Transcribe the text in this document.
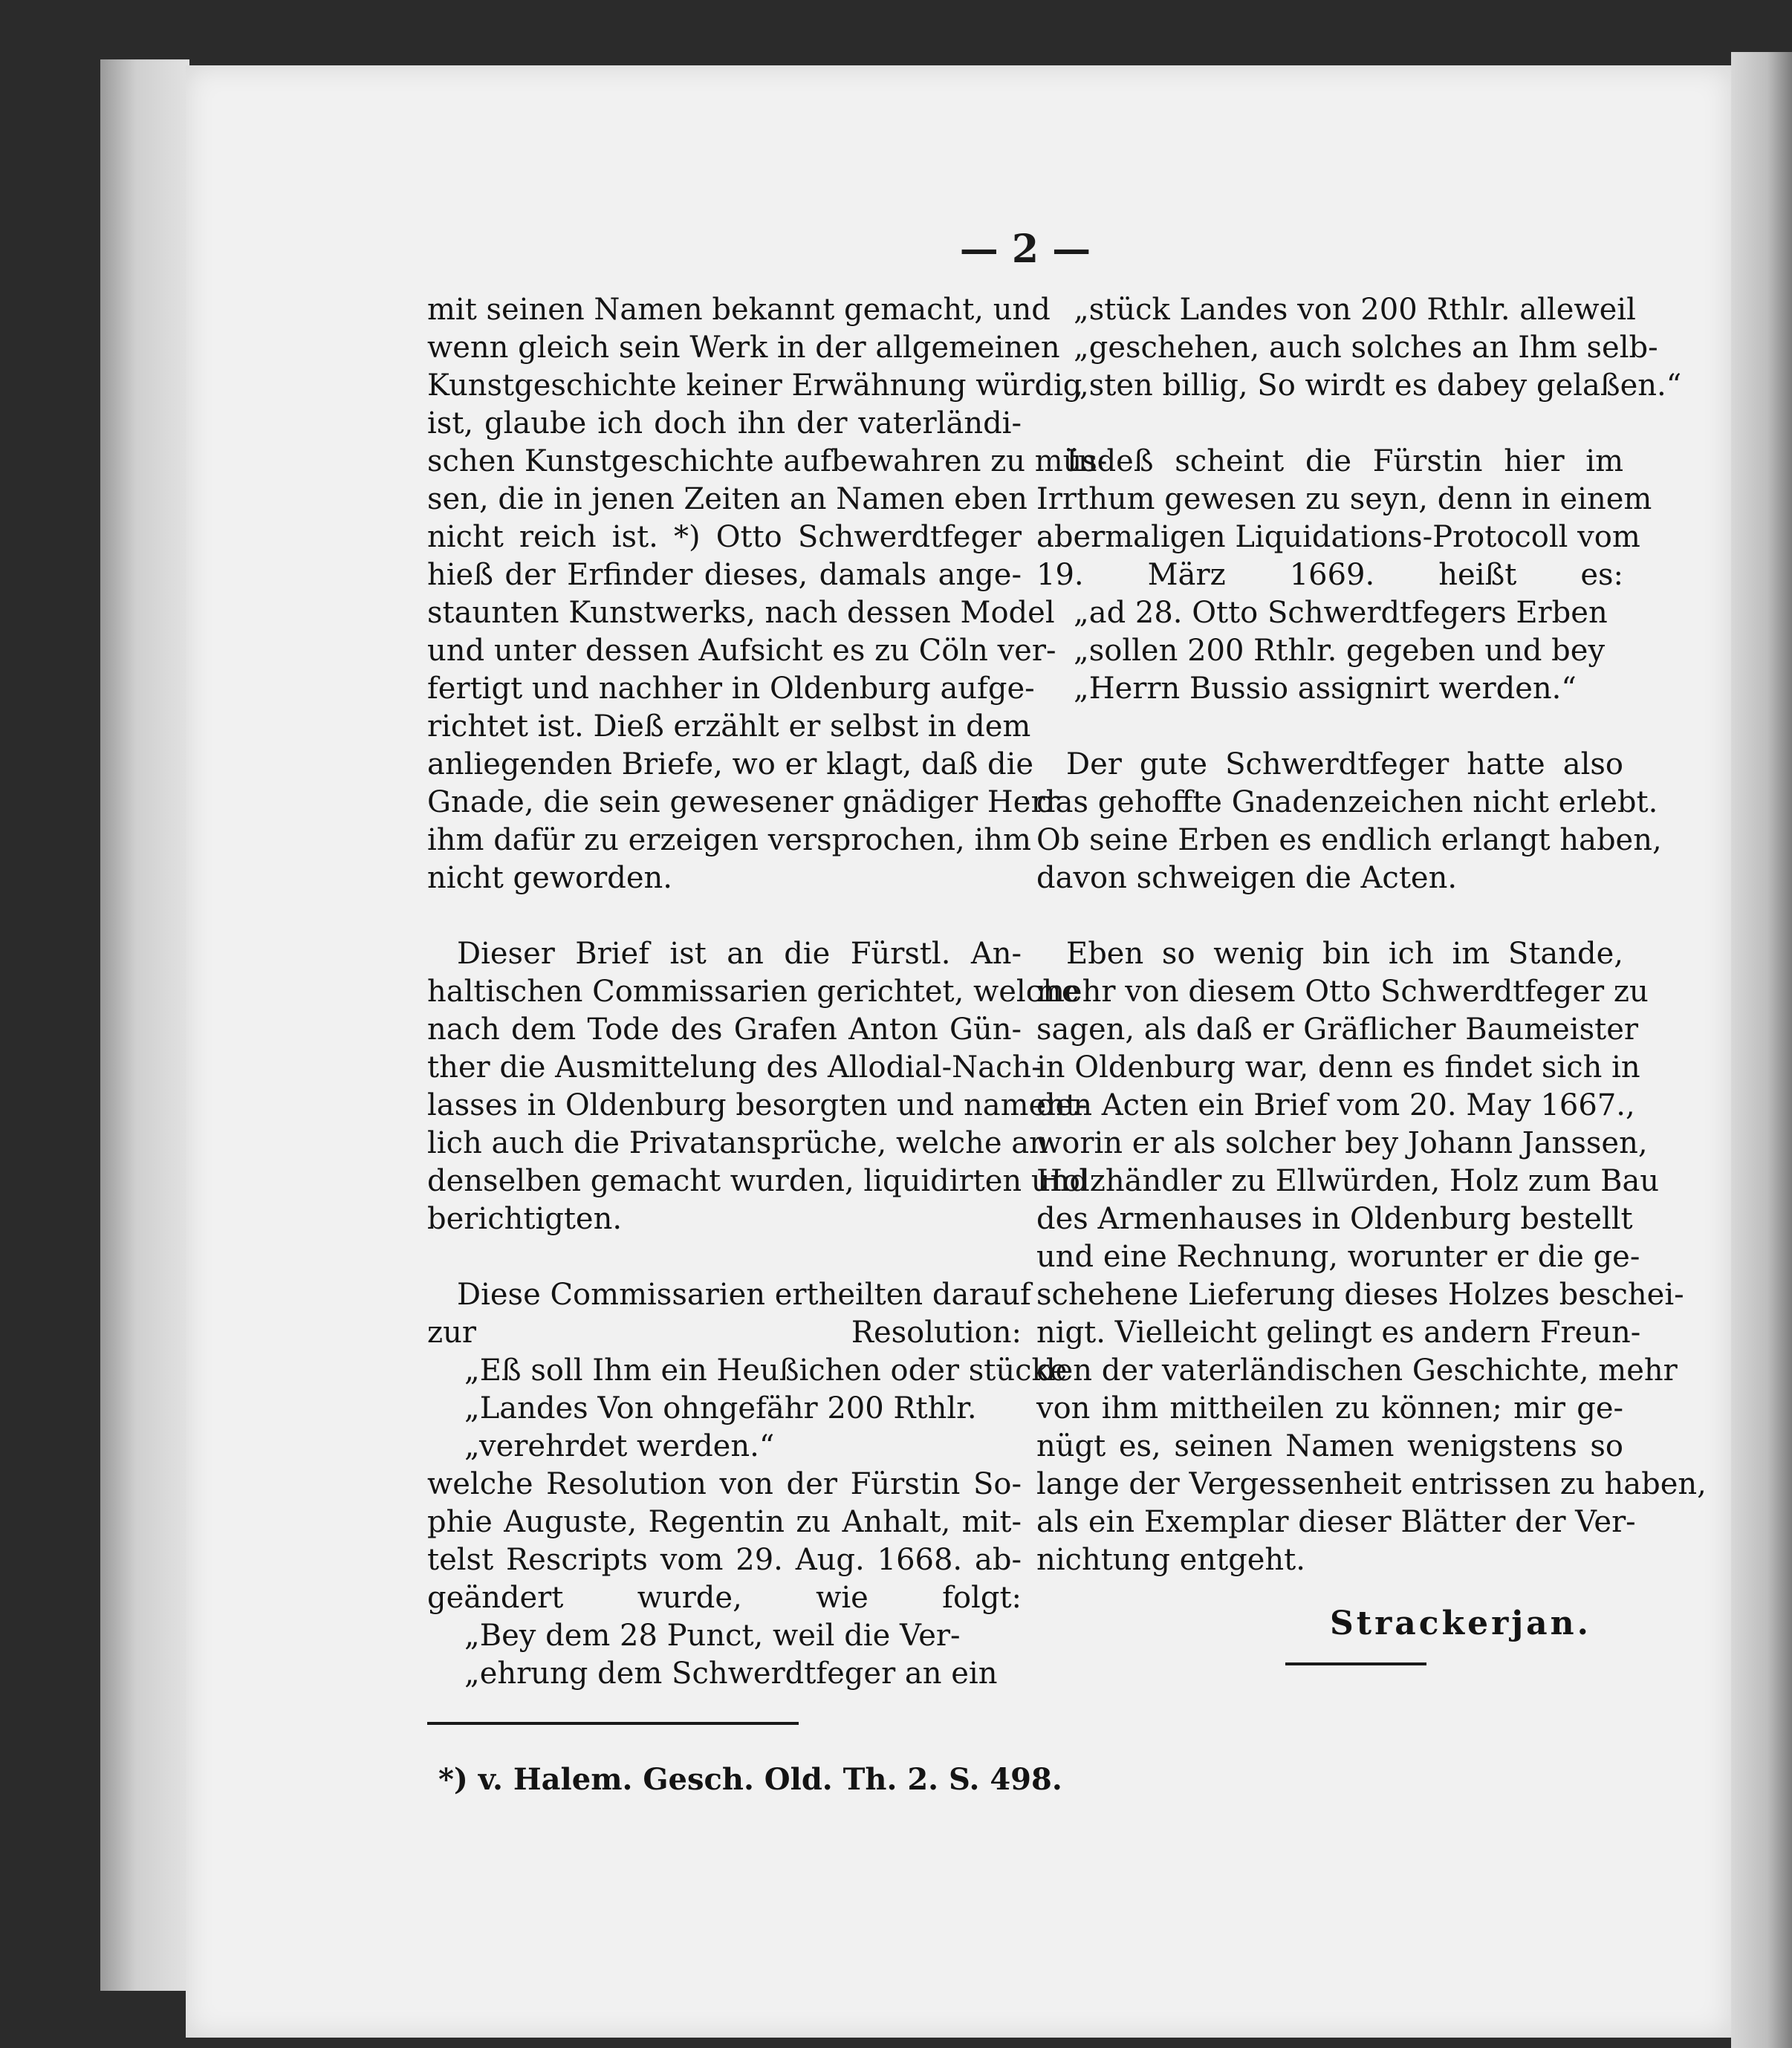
— 2 —
mit seinen Namen bekannt gemacht, und
wenn gleich sein Werk in der allgemeinen
Kunstgeschichte keiner Erwähnung würdig
ist, glaube ich doch ihn der vaterländi-
schen Kunstgeschichte aufbewahren zu müs-
sen, die in jenen Zeiten an Namen eben
nicht reich ist. *) Otto Schwerdtfeger
hieß der Erfinder dieses, damals ange-
staunten Kunstwerks, nach dessen Model
und unter dessen Aufsicht es zu Cöln ver-
fertigt und nachher in Oldenburg aufge-
richtet ist. Dieß erzählt er selbst in dem
anliegenden Briefe, wo er klagt, daß die
Gnade, die sein gewesener gnädiger Herr
ihm dafür zu erzeigen versprochen, ihm
nicht geworden.
Dieser Brief ist an die Fürstl. An-
haltischen Commissarien gerichtet, welche
nach dem Tode des Grafen Anton Gün-
ther die Ausmittelung des Allodial-Nach-
lasses in Oldenburg besorgten und nament-
lich auch die Privatansprüche, welche an
denselben gemacht wurden, liquidirten und
berichtigten.
Diese Commissarien ertheilten darauf
zur Resolution:
„Eß soll Ihm ein Heußichen oder stücke
„Landes Von ohngefähr 200 Rthlr.
„verehrdet werden.“
welche Resolution von der Fürstin So-
phie Auguste, Regentin zu Anhalt, mit-
telst Rescripts vom 29. Aug. 1668. ab-
geändert wurde, wie folgt:
„Bey dem 28 Punct, weil die Ver-
„ehrung dem Schwerdtfeger an ein
„stück Landes von 200 Rthlr. alleweil
„geschehen, auch solches an Ihm selb-
„sten billig, So wirdt es dabey gelaßen.“
Indeß scheint die Fürstin hier im
Irrthum gewesen zu seyn, denn in einem
abermaligen Liquidations-Protocoll vom
19. März 1669. heißt es:
„ad 28. Otto Schwerdtfegers Erben
„sollen 200 Rthlr. gegeben und bey
„Herrn Bussio assignirt werden.“
Der gute Schwerdtfeger hatte also
das gehoffte Gnadenzeichen nicht erlebt.
Ob seine Erben es endlich erlangt haben,
davon schweigen die Acten.
Eben so wenig bin ich im Stande,
mehr von diesem Otto Schwerdtfeger zu
sagen, als daß er Gräflicher Baumeister
in Oldenburg war, denn es findet sich in
den Acten ein Brief vom 20. May 1667.,
worin er als solcher bey Johann Janssen,
Holzhändler zu Ellwürden, Holz zum Bau
des Armenhauses in Oldenburg bestellt
und eine Rechnung, worunter er die ge-
schehene Lieferung dieses Holzes beschei-
nigt. Vielleicht gelingt es andern Freun-
den der vaterländischen Geschichte, mehr
von ihm mittheilen zu können; mir ge-
nügt es, seinen Namen wenigstens so
lange der Vergessenheit entrissen zu haben,
als ein Exemplar dieser Blätter der Ver-
nichtung entgeht.
Strackerjan.
*) v. Halem. Gesch. Old. Th. 2. S. 498.
